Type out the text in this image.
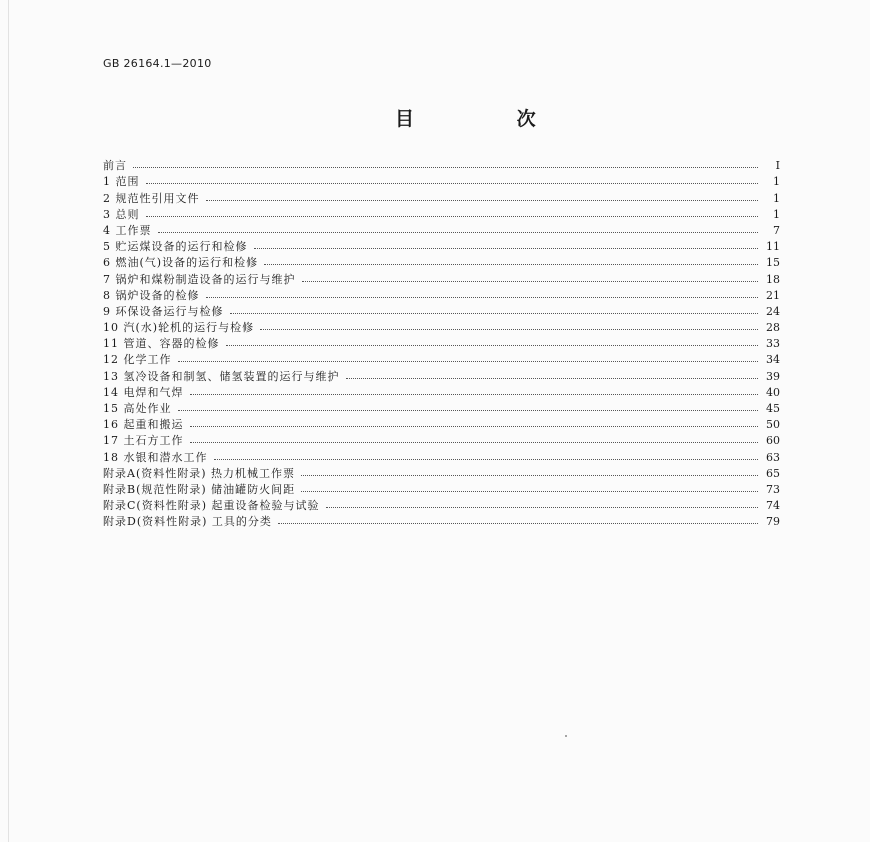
GB 26164.1—2010
目 次
前言	I
1 范围	1
2 规范性引用文件	1
3 总则	1
4 工作票	7
5 贮运煤设备的运行和检修	11
6 燃油(气)设备的运行和检修	15
7 锅炉和煤粉制造设备的运行与维护	18
8 锅炉设备的检修	21
9 环保设备运行与检修	24
10 汽(水)轮机的运行与检修	28
11 管道、容器的检修	33
12 化学工作	34
13 氢冷设备和制氢、储氢装置的运行与维护	39
14 电焊和气焊	40
15 高处作业	45
16 起重和搬运	50
17 土石方工作	60
18 水银和潜水工作	63
附录A(资料性附录) 热力机械工作票	65
附录B(规范性附录) 储油罐防火间距	73
附录C(资料性附录) 起重设备检验与试验	74
附录D(资料性附录) 工具的分类	79
